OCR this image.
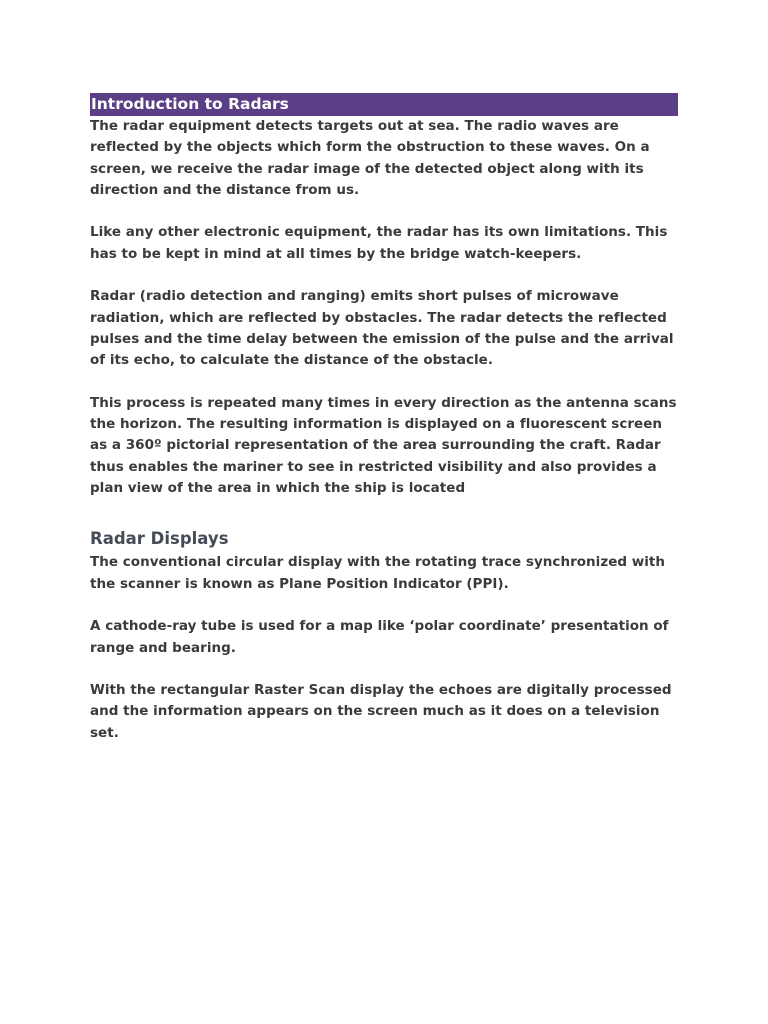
Introduction to Radars

The radar equipment detects targets out at sea. The radio waves are reflected by the objects which form the obstruction to these waves. On a screen, we receive the radar image of the detected object along with its direction and the distance from us.

Like any other electronic equipment, the radar has its own limitations. This has to be kept in mind at all times by the bridge watch-keepers.

Radar (radio detection and ranging) emits short pulses of microwave radiation, which are reflected by obstacles. The radar detects the reflected pulses and the time delay between the emission of the pulse and the arrival of its echo, to calculate the distance of the obstacle.

This process is repeated many times in every direction as the antenna scans the horizon. The resulting information is displayed on a fluorescent screen as a 360º pictorial representation of the area surrounding the craft. Radar thus enables the mariner to see in restricted visibility and also provides a plan view of the area in which the ship is located

Radar Displays

The conventional circular display with the rotating trace synchronized with the scanner is known as Plane Position Indicator (PPI).

A cathode-ray tube is used for a map like ‘polar coordinate’ presentation of range and bearing.

With the rectangular Raster Scan display the echoes are digitally processed and the information appears on the screen much as it does on a television set.
